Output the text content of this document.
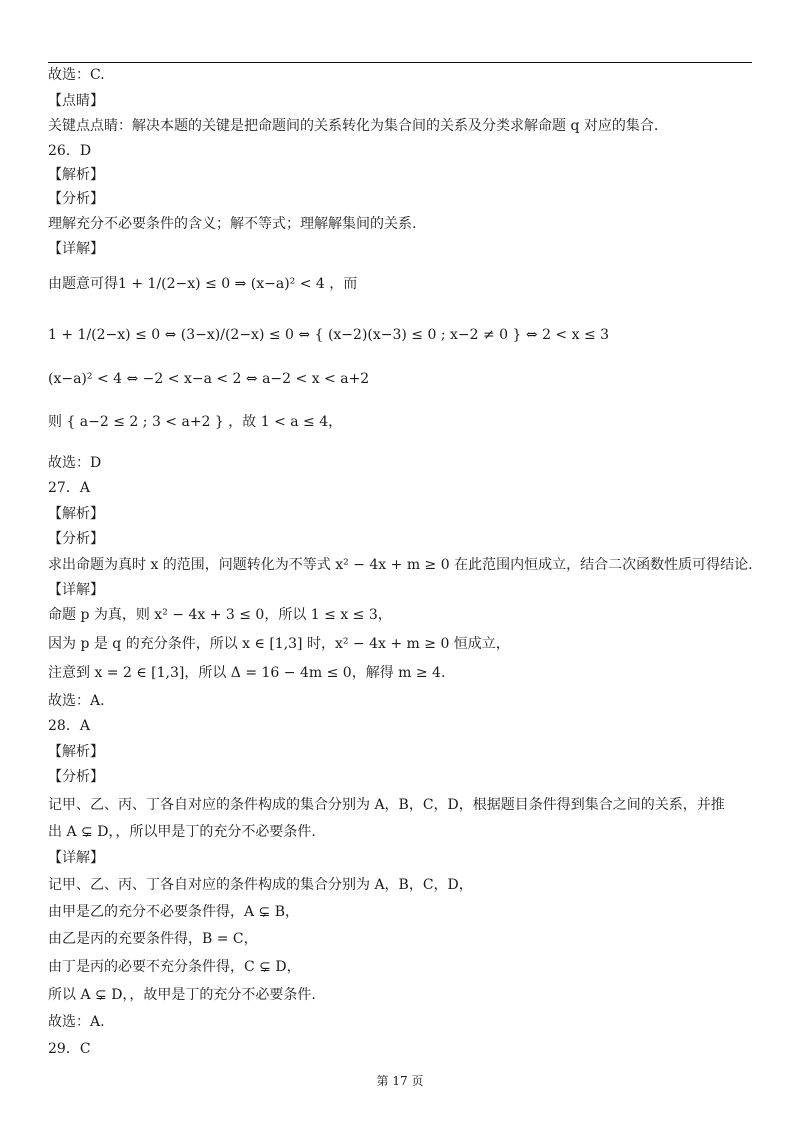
故选：C.
【点睛】
关键点点睛：解决本题的关键是把命题间的关系转化为集合间的关系及分类求解命题 q 对应的集合.
26．D
【解析】
【分析】
理解充分不必要条件的含义；解不等式；理解解集间的关系.
【详解】
由题意可得1 + 1/(2−x) ≤ 0 ⇒ (x−a)² < 4 ，而
1 + 1/(2−x) ≤ 0 ⇔ (3−x)/(2−x) ≤ 0 ⇔ { (x−2)(x−3) ≤ 0 ; x−2 ≠ 0 } ⇔ 2 < x ≤ 3
(x−a)² < 4 ⇔ −2 < x−a < 2 ⇔ a−2 < x < a+2
则 { a−2 ≤ 2 ; 3 < a+2 } ，故 1 < a ≤ 4，
故选：D
27．A
【解析】
【分析】
求出命题为真时 x 的范围，问题转化为不等式 x² − 4x + m ≥ 0 在此范围内恒成立，结合二次函数性质可得结论.
【详解】
命题 p 为真，则 x² − 4x + 3 ≤ 0，所以 1 ≤ x ≤ 3，
因为 p 是 q 的充分条件，所以 x ∈ [1,3] 时，x² − 4x + m ≥ 0 恒成立，
注意到 x = 2 ∈ [1,3]，所以 Δ = 16 − 4m ≤ 0，解得 m ≥ 4.
故选：A.
28．A
【解析】
【分析】
记甲、乙、丙、丁各自对应的条件构成的集合分别为 A，B，C，D，根据题目条件得到集合之间的关系，并推
出 A ⊊ D，，所以甲是丁的充分不必要条件.
【详解】
记甲、乙、丙、丁各自对应的条件构成的集合分别为 A，B，C，D，
由甲是乙的充分不必要条件得，A ⊊ B，
由乙是丙的充要条件得，B = C，
由丁是丙的必要不充分条件得，C ⊊ D，
所以 A ⊊ D，，故甲是丁的充分不必要条件.
故选：A.
29．C
第 17 页
